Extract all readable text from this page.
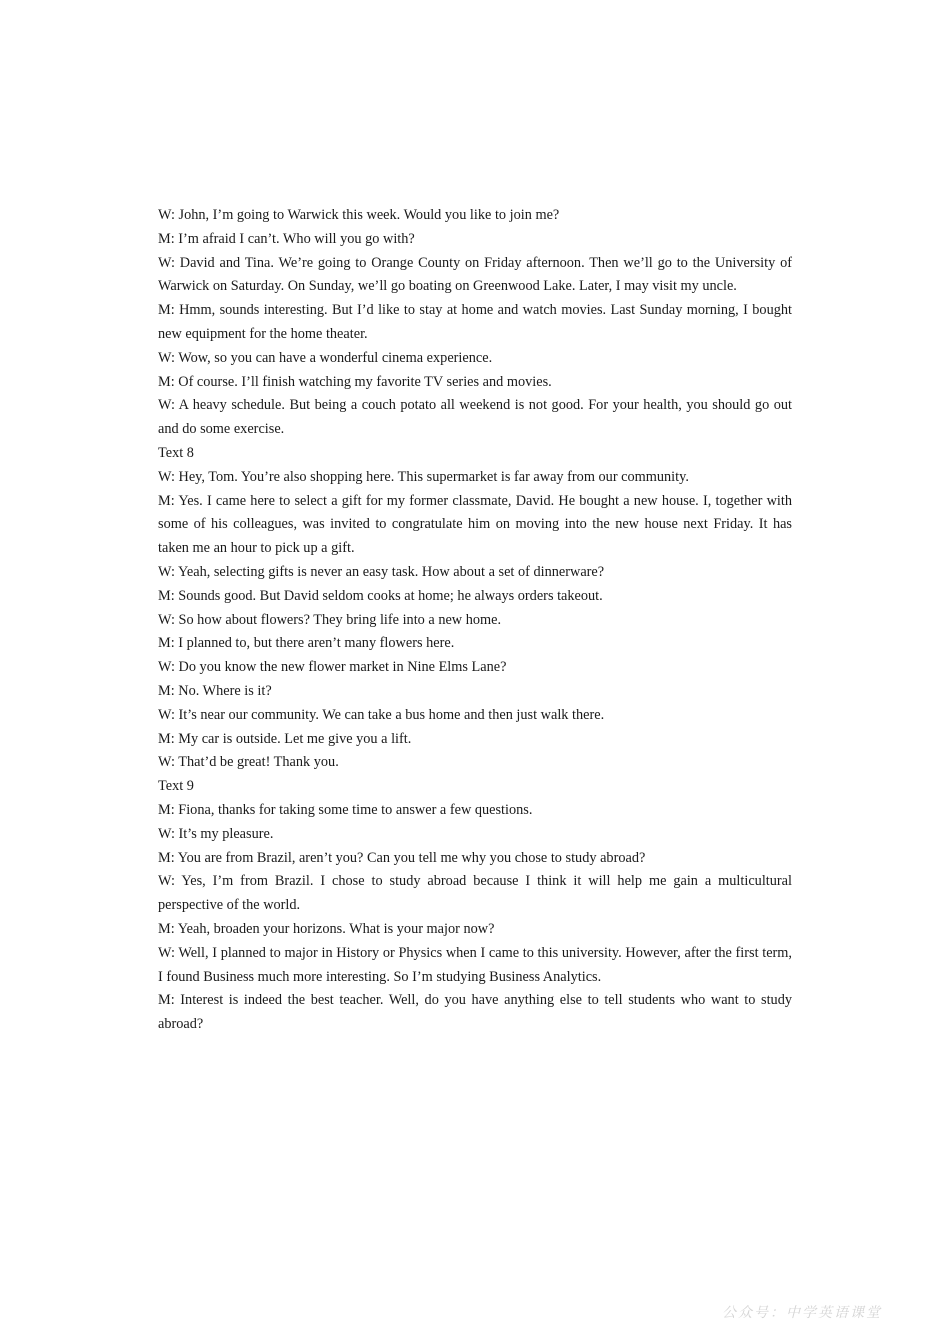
W: John, I’m going to Warwick this week. Would you like to join me?

M: I’m afraid I can’t. Who will you go with?

W: David and Tina. We’re going to Orange County on Friday afternoon. Then we’ll go to the University of Warwick on Saturday. On Sunday, we’ll go boating on Greenwood Lake. Later, I may visit my uncle.

M: Hmm, sounds interesting. But I’d like to stay at home and watch movies. Last Sunday morning, I bought new equipment for the home theater.

W: Wow, so you can have a wonderful cinema experience.

M: Of course. I’ll finish watching my favorite TV series and movies.

W: A heavy schedule. But being a couch potato all weekend is not good. For your health, you should go out and do some exercise.

Text 8

W: Hey, Tom. You’re also shopping here. This supermarket is far away from our community.

M: Yes. I came here to select a gift for my former classmate, David. He bought a new house. I, together with some of his colleagues, was invited to congratulate him on moving into the new house next Friday. It has taken me an hour to pick up a gift.

W: Yeah, selecting gifts is never an easy task. How about a set of dinnerware?

M: Sounds good. But David seldom cooks at home; he always orders takeout.

W: So how about flowers? They bring life into a new home.

M: I planned to, but there aren’t many flowers here.

W: Do you know the new flower market in Nine Elms Lane?

M: No. Where is it?

W: It’s near our community. We can take a bus home and then just walk there.

M: My car is outside. Let me give you a lift.

W: That’d be great! Thank you.

Text 9

M: Fiona, thanks for taking some time to answer a few questions.

W: It’s my pleasure.

M: You are from Brazil, aren’t you? Can you tell me why you chose to study abroad?

W: Yes, I’m from Brazil. I chose to study abroad because I think it will help me gain a multicultural perspective of the world.

M: Yeah, broaden your horizons. What is your major now?

W: Well, I planned to major in History or Physics when I came to this university. However, after the first term, I found Business much more interesting. So I’m studying Business Analytics.

M: Interest is indeed the best teacher. Well, do you have anything else to tell students who want to study abroad?

公众号：中学英语课堂
